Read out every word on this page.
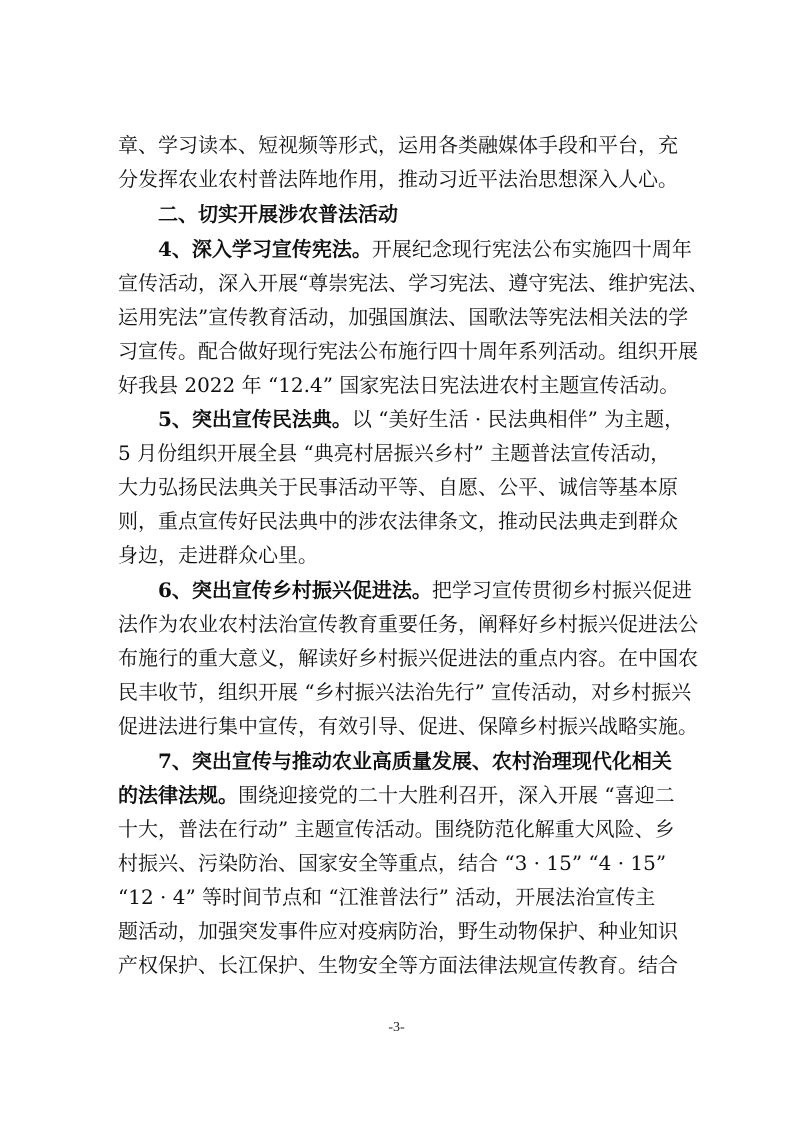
章、学习读本、短视频等形式，运用各类融媒体手段和平台，充
分发挥农业农村普法阵地作用，推动习近平法治思想深入人心。
二、切实开展涉农普法活动
4、深入学习宣传宪法。开展纪念现行宪法公布实施四十周年
宣传活动，深入开展“尊崇宪法、学习宪法、遵守宪法、维护宪法、
运用宪法”宣传教育活动，加强国旗法、国歌法等宪法相关法的学
习宣传。配合做好现行宪法公布施行四十周年系列活动。组织开展
好我县 2022 年 “12.4” 国家宪法日宪法进农村主题宣传活动。
5、突出宣传民法典。以 “美好生活 · 民法典相伴” 为主题，
5 月份组织开展全县 “典亮村居振兴乡村” 主题普法宣传活动，
大力弘扬民法典关于民事活动平等、自愿、公平、诚信等基本原
则，重点宣传好民法典中的涉农法律条文，推动民法典走到群众
身边，走进群众心里。
6、突出宣传乡村振兴促进法。把学习宣传贯彻乡村振兴促进
法作为农业农村法治宣传教育重要任务，阐释好乡村振兴促进法公
布施行的重大意义，解读好乡村振兴促进法的重点内容。在中国农
民丰收节，组织开展 “乡村振兴法治先行” 宣传活动，对乡村振兴
促进法进行集中宣传，有效引导、促进、保障乡村振兴战略实施。
7、突出宣传与推动农业高质量发展、农村治理现代化相关
的法律法规。围绕迎接党的二十大胜利召开，深入开展 “喜迎二
十大，普法在行动” 主题宣传活动。围绕防范化解重大风险、乡
村振兴、污染防治、国家安全等重点，结合 “3 · 15” “4 · 15”
“12 · 4” 等时间节点和 “江淮普法行” 活动，开展法治宣传主
题活动，加强突发事件应对疫病防治，野生动物保护、种业知识
产权保护、长江保护、生物安全等方面法律法规宣传教育。结合
-3-
